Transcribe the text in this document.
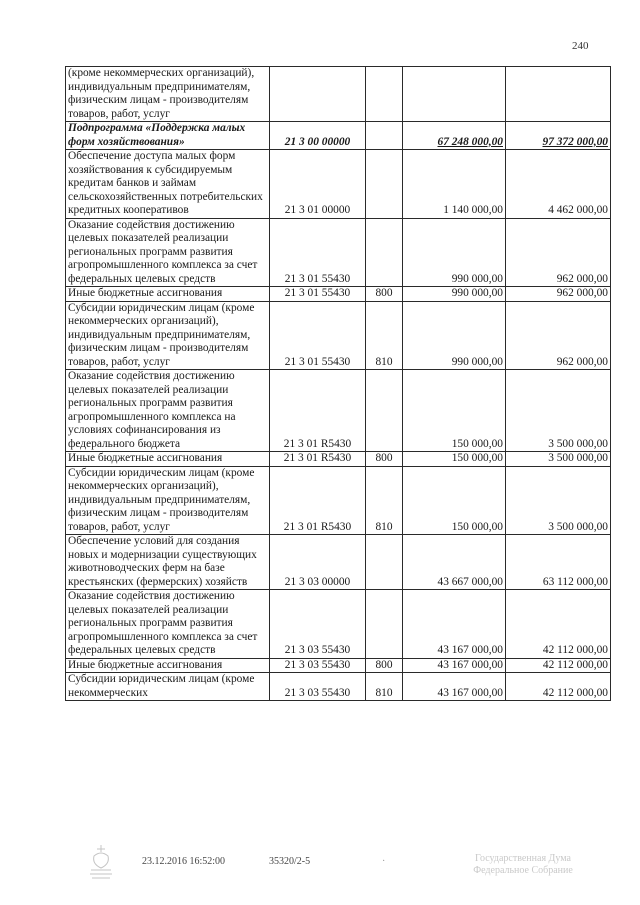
240
(кроме некоммерческих организаций), индивидуальным предпринимателям, физическим лицам - производителям товаров, работ, услуг				
Подпрограмма «Поддержка малых форм хозяйствования»	21 3 00 00000		67 248 000,00	97 372 000,00
Обеспечение доступа малых форм хозяйствования к субсидируемым кредитам банков и займам сельскохозяйственных потребительских кредитных кооперативов	21 3 01 00000		1 140 000,00	4 462 000,00
Оказание содействия достижению целевых показателей реализации региональных программ развития агропромышленного комплекса за счет федеральных целевых средств	21 3 01 55430		990 000,00	962 000,00
Иные бюджетные ассигнования	21 3 01 55430	800	990 000,00	962 000,00
Субсидии юридическим лицам (кроме некоммерческих организаций), индивидуальным предпринимателям, физическим лицам - производителям товаров, работ, услуг	21 3 01 55430	810	990 000,00	962 000,00
Оказание содействия достижению целевых показателей реализации региональных программ развития агропромышленного комплекса на условиях софинансирования из федерального бюджета	21 3 01 R5430		150 000,00	3 500 000,00
Иные бюджетные ассигнования	21 3 01 R5430	800	150 000,00	3 500 000,00
Субсидии юридическим лицам (кроме некоммерческих организаций), индивидуальным предпринимателям, физическим лицам - производителям товаров, работ, услуг	21 3 01 R5430	810	150 000,00	3 500 000,00
Обеспечение условий для создания новых и модернизации существующих животноводческих ферм на базе крестьянских (фермерских) хозяйств	21 3 03 00000		43 667 000,00	63 112 000,00
Оказание содействия достижению целевых показателей реализации региональных программ развития агропромышленного комплекса за счет федеральных целевых средств	21 3 03 55430		43 167 000,00	42 112 000,00
Иные бюджетные ассигнования	21 3 03 55430	800	43 167 000,00	42 112 000,00
Субсидии юридическим лицам (кроме некоммерческих	21 3 03 55430	810	43 167 000,00	42 112 000,00
23.12.2016 16:52:00	35320/2-5	·	Государственная Дума Федеральное Собрание
